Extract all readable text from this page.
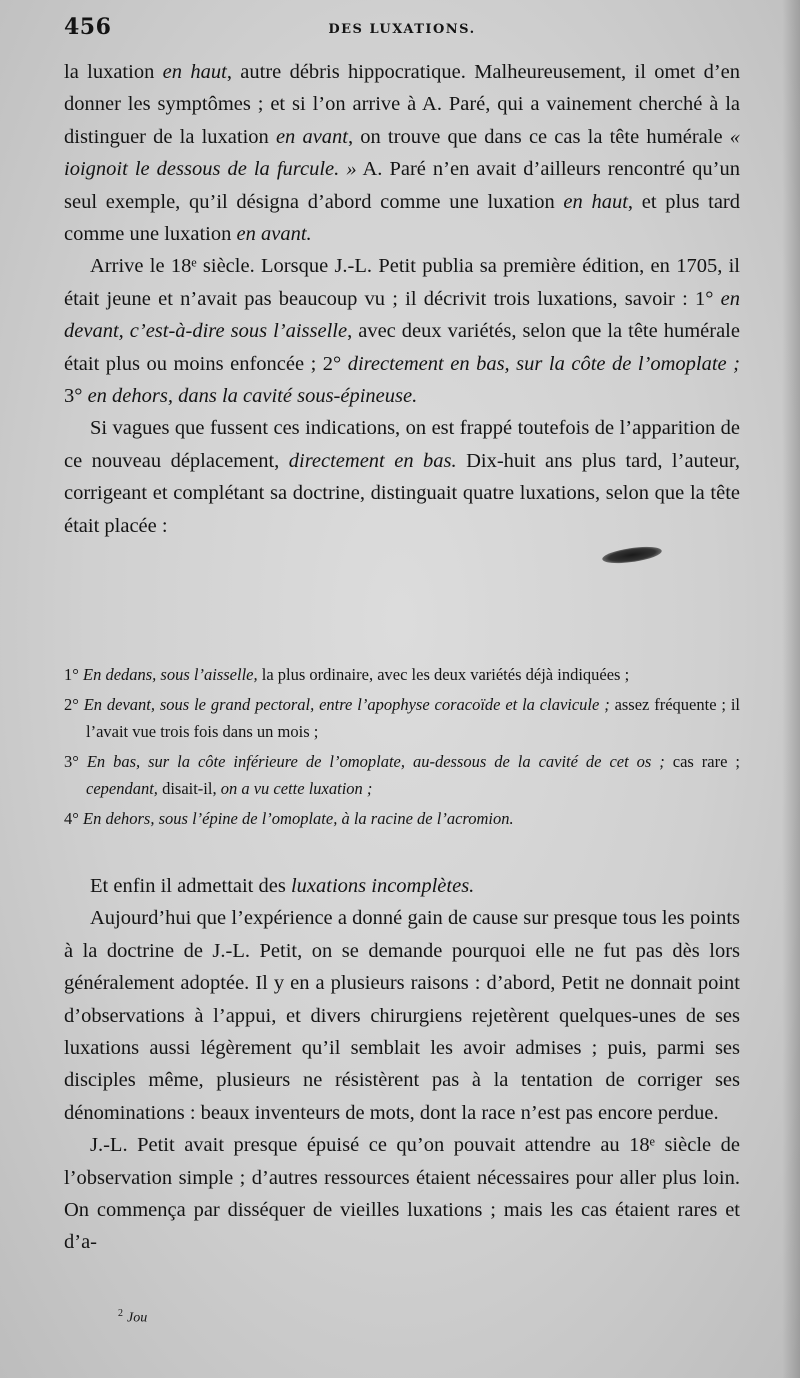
456	DES LUXATIONS.

la luxation en haut, autre débris hippocratique. Malheureusement, il omet d’en donner les symptômes ; et si l’on arrive à A. Paré, qui a vainement cherché à la distinguer de la luxation en avant, on trouve que dans ce cas la tête humérale « ioignoit le dessous de la furcule. » A. Paré n’en avait d’ailleurs rencontré qu’un seul exemple, qu’il désigna d’abord comme une luxation en haut, et plus tard comme une luxation en avant.

Arrive le 18ᵉ siècle. Lorsque J.-L. Petit publia sa première édition, en 1705, il était jeune et n’avait pas beaucoup vu ; il décrivit trois luxations, savoir : 1° en devant, c’est-à-dire sous l’aisselle, avec deux variétés, selon que la tête humérale était plus ou moins enfoncée ; 2° directement en bas, sur la côte de l’omoplate ; 3° en dehors, dans la cavité sous-épineuse.

Si vagues que fussent ces indications, on est frappé toutefois de l’apparition de ce nouveau déplacement, directement en bas. Dix-huit ans plus tard, l’auteur, corrigeant et complétant sa doctrine, distinguait quatre luxations, selon que la tête était placée :

1° En dedans, sous l’aisselle, la plus ordinaire, avec les deux variétés déjà indiquées ;

2° En devant, sous le grand pectoral, entre l’apophyse coracoïde et la clavicule ; assez fréquente ; il l’avait vue trois fois dans un mois ;

3° En bas, sur la côte inférieure de l’omoplate, au-dessous de la cavité de cet os ; cas rare ; cependant, disait-il, on a vu cette luxation ;

4° En dehors, sous l’épine de l’omoplate, à la racine de l’acromion.

Et enfin il admettait des luxations incomplètes.

Aujourd’hui que l’expérience a donné gain de cause sur presque tous les points à la doctrine de J.-L. Petit, on se demande pourquoi elle ne fut pas dès lors généralement adoptée. Il y en a plusieurs raisons : d’abord, Petit ne donnait point d’observations à l’appui, et divers chirurgiens rejetèrent quelques-unes de ses luxations aussi légèrement qu’il semblait les avoir admises ; puis, parmi ses disciples même, plusieurs ne résistèrent pas à la tentation de corriger ses dénominations : beaux inventeurs de mots, dont la race n’est pas encore perdue.

J.-L. Petit avait presque épuisé ce qu’on pouvait attendre au 18ᵉ siècle de l’observation simple ; d’autres ressources étaient nécessaires pour aller plus loin. On commença par disséquer de vieilles luxations ; mais les cas étaient rares et d’a-

$^2$ Jou
